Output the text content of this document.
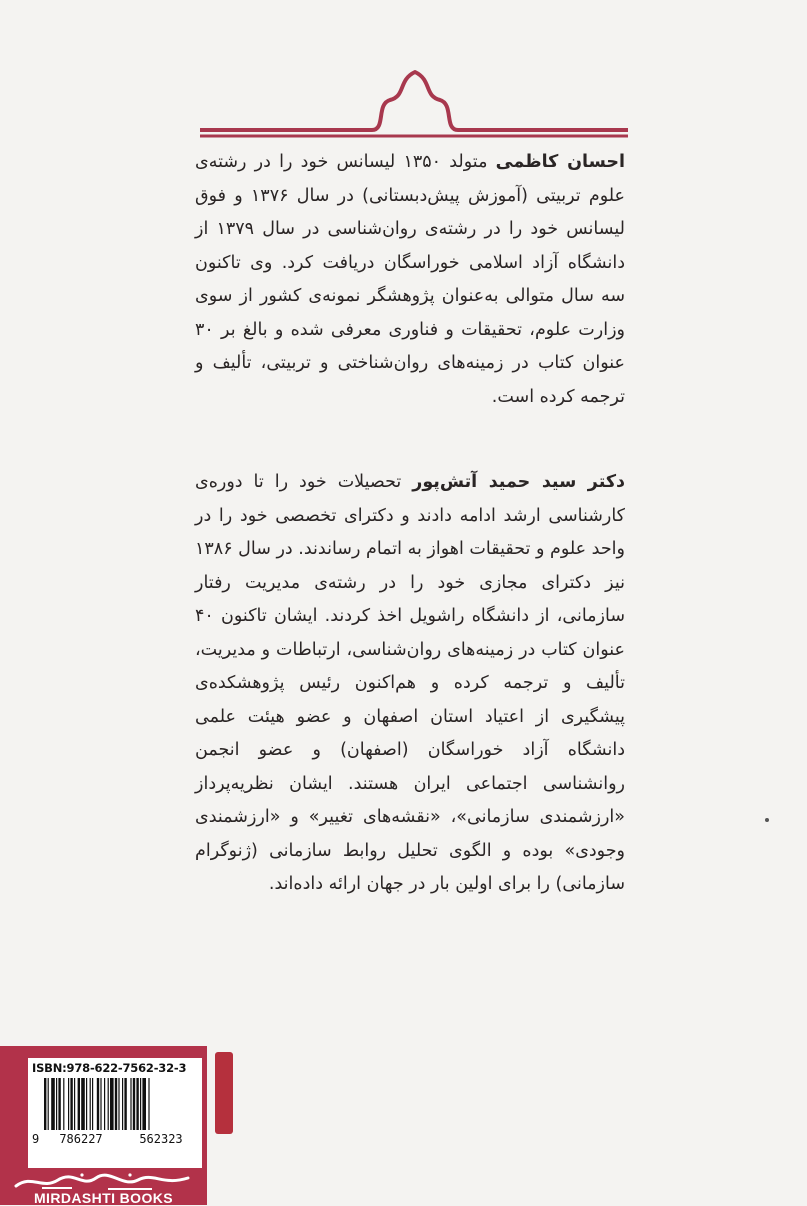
احسان کاظمی متولد ۱۳۵۰ لیسانس خود را در رشته‌ی علوم تربیتی (آموزش پیش‌دبستانی) در سال ۱۳۷۶ و فوق لیسانس خود را در رشته‌ی روان‌شناسی در سال ۱۳۷۹ از دانشگاه آزاد اسلامی خوراسگان دریافت کرد. وی تاکنون سه سال متوالی به‌عنوان پژوهشگر نمونه‌ی کشور از سوی وزارت علوم، تحقیقات و فناوری معرفی شده و بالغ بر ۳۰ عنوان کتاب در زمینه‌های روان‌شناختی و تربیتی، تألیف و ترجمه کرده است.
دکتر سید حمید آتش‌پور تحصیلات خود را تا دوره‌ی کارشناسی ارشد ادامه دادند و دکترای تخصصی خود را در واحد علوم و تحقیقات اهواز به اتمام رساندند. در سال ۱۳۸۶ نیز دکترای مجازی خود را در رشته‌ی مدیریت رفتار سازمانی، از دانشگاه راشویل اخذ کردند. ایشان تاکنون ۴۰ عنوان کتاب در زمینه‌های روان‌شناسی، ارتباطات و مدیریت، تألیف و ترجمه کرده و هم‌اکنون رئیس پژوهشکده‌ی پیشگیری از اعتیاد استان اصفهان و عضو هیئت علمی دانشگاه آزاد خوراسگان (اصفهان) و عضو انجمن روانشناسی اجتماعی ایران هستند. ایشان نظریه‌پرداز «ارزشمندی سازمانی»، «نقشه‌های تغییر» و «ارزشمندی وجودی» بوده و الگوی تحلیل روابط سازمانی (ژنوگرام سازمانی) را برای اولین بار در جهان ارائه داده‌اند.
ISBN:978-622-7562-32-3
9 786227	562323
MIRDASHTI BOOKS
